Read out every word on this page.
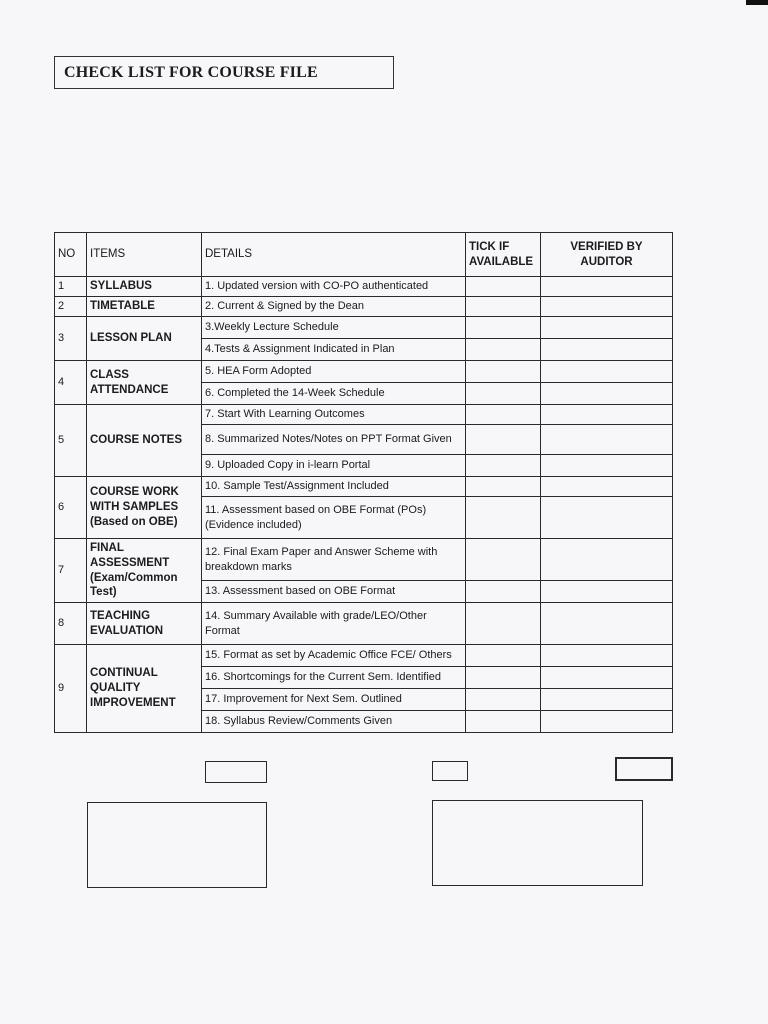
CHECK LIST FOR COURSE FILE
NO	ITEMS	DETAILS	TICK IF AVAILABLE	VERIFIED BY AUDITOR
1	SYLLABUS	1. Updated version with CO-PO authenticated		
2	TIMETABLE	2. Current & Signed by the Dean		
3	LESSON PLAN	3.Weekly Lecture Schedule		
		4.Tests & Assignment Indicated in Plan		
4	CLASS ATTENDANCE	5. HEA Form Adopted		
		6. Completed the 14-Week Schedule		
5	COURSE NOTES	7. Start With Learning Outcomes		
		8. Summarized Notes/Notes on PPT Format Given		
		9. Uploaded Copy in i-learn Portal		
6	COURSE WORK WITH SAMPLES (Based on OBE)	10. Sample Test/Assignment Included		
		11. Assessment based on OBE Format (POs) (Evidence included)		
7	FINAL ASSESSMENT (Exam/Common Test)	12. Final Exam Paper and Answer Scheme with breakdown marks		
		13. Assessment based on OBE Format		
8	TEACHING EVALUATION	14. Summary Available with grade/LEO/Other Format		
9	CONTINUAL QUALITY IMPROVEMENT	15. Format as set by Academic Office FCE/ Others		
		16. Shortcomings for the Current Sem. Identified		
		17. Improvement for Next Sem. Outlined		
		18. Syllabus Review/Comments Given		
